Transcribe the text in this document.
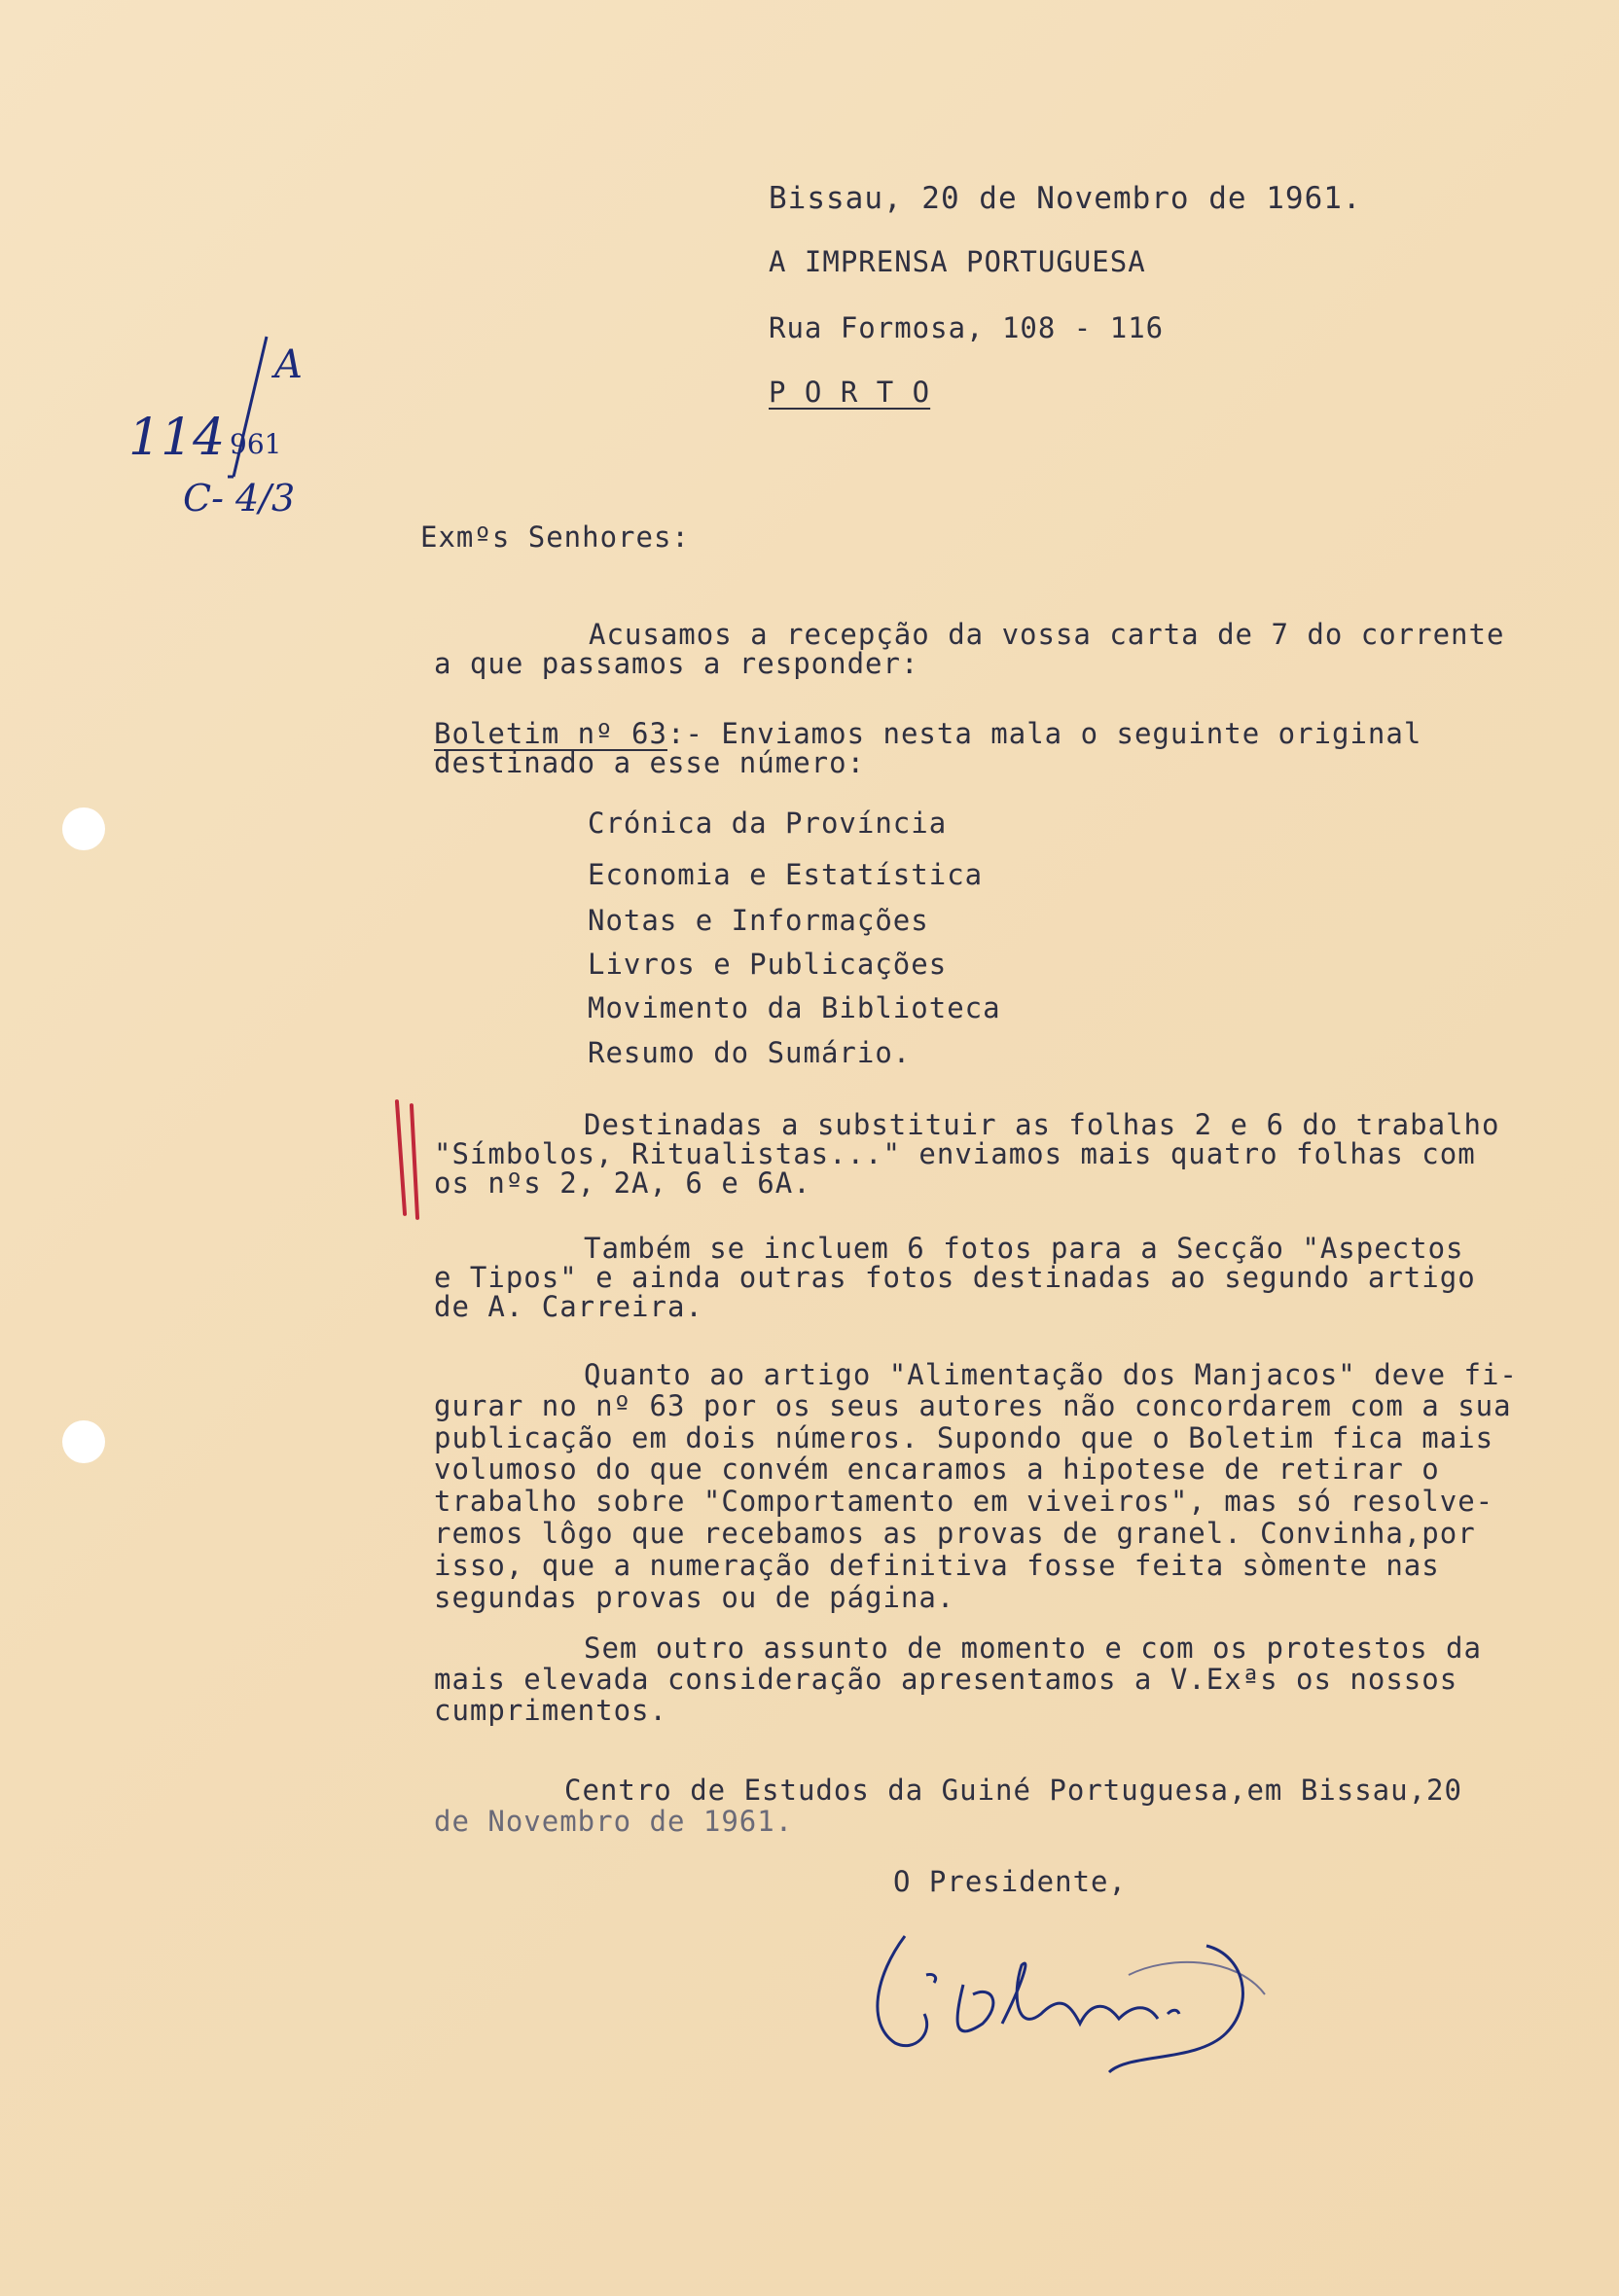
Bissau, 20 de Novembro de 1961.
A IMPRENSA PORTUGUESA
Rua Formosa, 108 - 116
P O R T O
A
114 961
C- 4/3
Exmºs Senhores:
Acusamos a recepção da vossa carta de 7 do corrente
a que passamos a responder:
Boletim nº 63 :- Enviamos nesta mala o seguinte original
destinado a esse número:
Crónica da Província
Economia e Estatística
Notas e Informações
Livros e Publicações
Movimento da Biblioteca
Resumo do Sumário.
Destinadas a substituir as folhas 2 e 6 do trabalho
"Símbolos, Ritualistas..." enviamos mais quatro folhas com
os nºs 2, 2A, 6 e 6A.
Também se incluem 6 fotos para a Secção "Aspectos
e Tipos" e ainda outras fotos destinadas ao segundo artigo
de A. Carreira.
Quanto ao artigo "Alimentação dos Manjacos" deve fi-
gurar no nº 63 por os seus autores não concordarem com a sua
publicação em dois números. Supondo que o Boletim fica mais
volumoso do que convém encaramos a hipotese de retirar o
trabalho sobre "Comportamento em viveiros", mas só resolve-
remos lôgo que recebamos as provas de granel. Convinha,por
isso, que a numeração definitiva fosse feita sòmente nas
segundas provas ou de página.
Sem outro assunto de momento e com os protestos da
mais elevada consideração apresentamos a V.Exªs os nossos
cumprimentos.
Centro de Estudos da Guiné Portuguesa,em Bissau,20
de Novembro de 1961.
O Presidente,
